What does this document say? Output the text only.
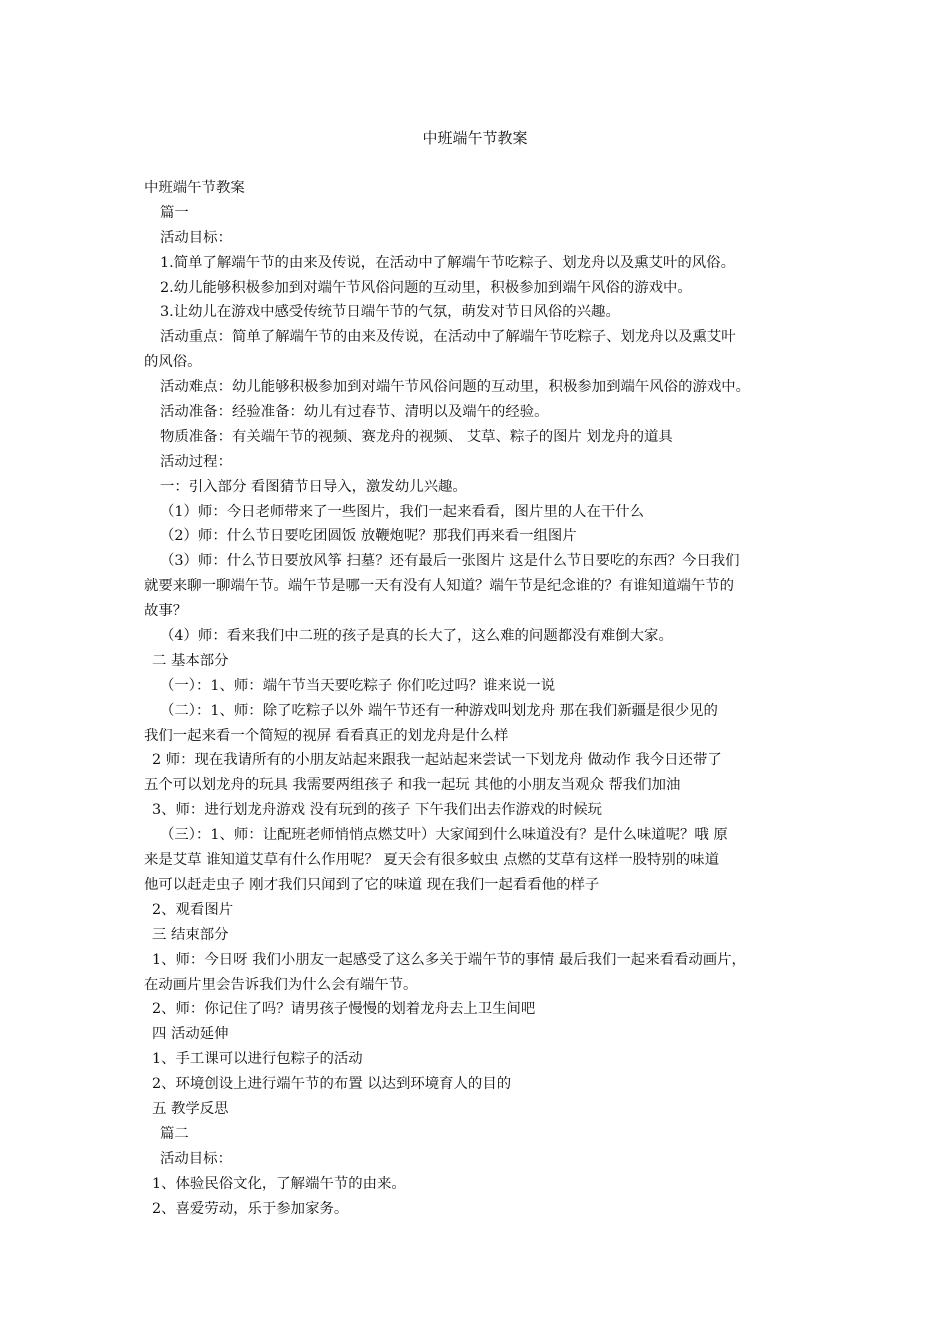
中班端午节教案
中班端午节教案
篇一
活动目标：
1.简单了解端午节的由来及传说，在活动中了解端午节吃粽子、划龙舟以及熏艾叶的风俗。
2.幼儿能够积极参加到对端午节风俗问题的互动里，积极参加到端午风俗的游戏中。
3.让幼儿在游戏中感受传统节日端午节的气氛，萌发对节日风俗的兴趣。
活动重点：简单了解端午节的由来及传说，在活动中了解端午节吃粽子、划龙舟以及熏艾叶
的风俗。
活动难点：幼儿能够积极参加到对端午节风俗问题的互动里，积极参加到端午风俗的游戏中。
活动准备：经验准备：幼儿有过春节、清明以及端午的经验。
物质准备：有关端午节的视频、赛龙舟的视频、 艾草、粽子的图片 划龙舟的道具
活动过程：
一：引入部分 看图猜节日导入，激发幼儿兴趣。
（1）师：今日老师带来了一些图片，我们一起来看看，图片里的人在干什么
（2）师：什么节日要吃团圆饭 放鞭炮呢？那我们再来看一组图片
（3）师：什么节日要放风筝 扫墓？还有最后一张图片 这是什么节日要吃的东西？今日我们
就要来聊一聊端午节。端午节是哪一天有没有人知道？端午节是纪念谁的？有谁知道端午节的
故事？
（4）师：看来我们中二班的孩子是真的长大了，这么难的问题都没有难倒大家。
二 基本部分
（一）：1、师：端午节当天要吃粽子 你们吃过吗？谁来说一说
（二）：1、师：除了吃粽子以外 端午节还有一种游戏叫划龙舟 那在我们新疆是很少见的
我们一起来看一个简短的视屏 看看真正的划龙舟是什么样
2 师：现在我请所有的小朋友站起来跟我一起站起来尝试一下划龙舟 做动作 我今日还带了
五个可以划龙舟的玩具 我需要两组孩子 和我一起玩 其他的小朋友当观众 帮我们加油
3、师：进行划龙舟游戏 没有玩到的孩子 下午我们出去作游戏的时候玩
（三）：1、师：让配班老师悄悄点燃艾叶）大家闻到什么味道没有？是什么味道呢？哦 原
来是艾草 谁知道艾草有什么作用呢？ 夏天会有很多蚊虫 点燃的艾草有这样一股特别的味道
他可以赶走虫子 刚才我们只闻到了它的味道 现在我们一起看看他的样子
2、观看图片
三 结束部分
1、师：今日呀 我们小朋友一起感受了这么多关于端午节的事情 最后我们一起来看看动画片，
在动画片里会告诉我们为什么会有端午节。
2、师：你记住了吗？请男孩子慢慢的划着龙舟去上卫生间吧
四 活动延伸
1、手工课可以进行包粽子的活动
2、环境创设上进行端午节的布置 以达到环境育人的目的
五 教学反思
篇二
活动目标：
1、体验民俗文化，了解端午节的由来。
2、喜爱劳动，乐于参加家务。
